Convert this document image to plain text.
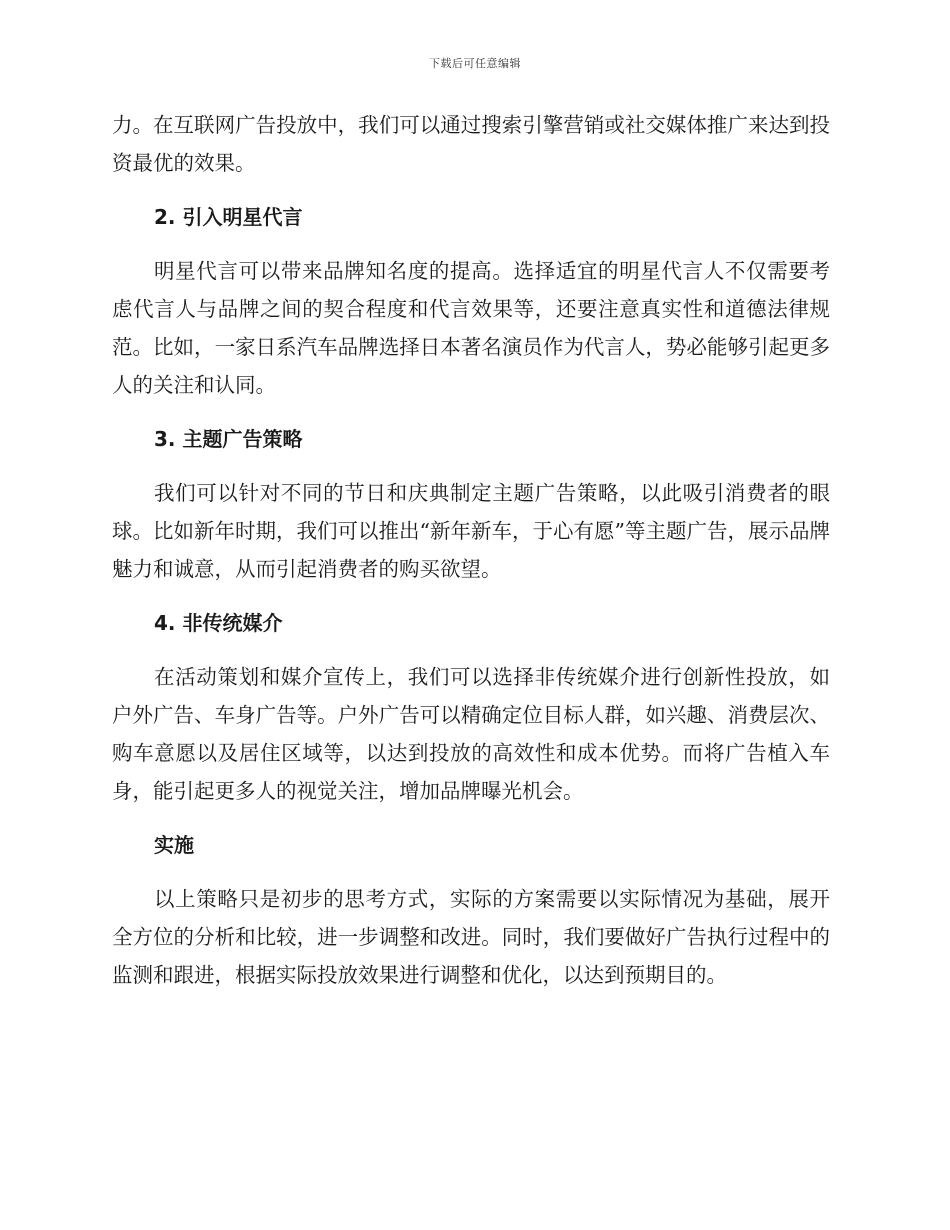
下载后可任意编辑

力。在互联网广告投放中，我们可以通过搜索引擎营销或社交媒体推广来达到投资最优的效果。

2. 引入明星代言

明星代言可以带来品牌知名度的提高。选择适宜的明星代言人不仅需要考虑代言人与品牌之间的契合程度和代言效果等，还要注意真实性和道德法律规范。比如，一家日系汽车品牌选择日本著名演员作为代言人，势必能够引起更多人的关注和认同。

3. 主题广告策略

我们可以针对不同的节日和庆典制定主题广告策略，以此吸引消费者的眼球。比如新年时期，我们可以推出“新年新车，于心有愿”等主题广告，展示品牌魅力和诚意，从而引起消费者的购买欲望。

4. 非传统媒介

在活动策划和媒介宣传上，我们可以选择非传统媒介进行创新性投放，如户外广告、车身广告等。户外广告可以精确定位目标人群，如兴趣、消费层次、购车意愿以及居住区域等，以达到投放的高效性和成本优势。而将广告植入车身，能引起更多人的视觉关注，增加品牌曝光机会。

实施

以上策略只是初步的思考方式，实际的方案需要以实际情况为基础，展开全方位的分析和比较，进一步调整和改进。同时，我们要做好广告执行过程中的监测和跟进，根据实际投放效果进行调整和优化，以达到预期目的。
